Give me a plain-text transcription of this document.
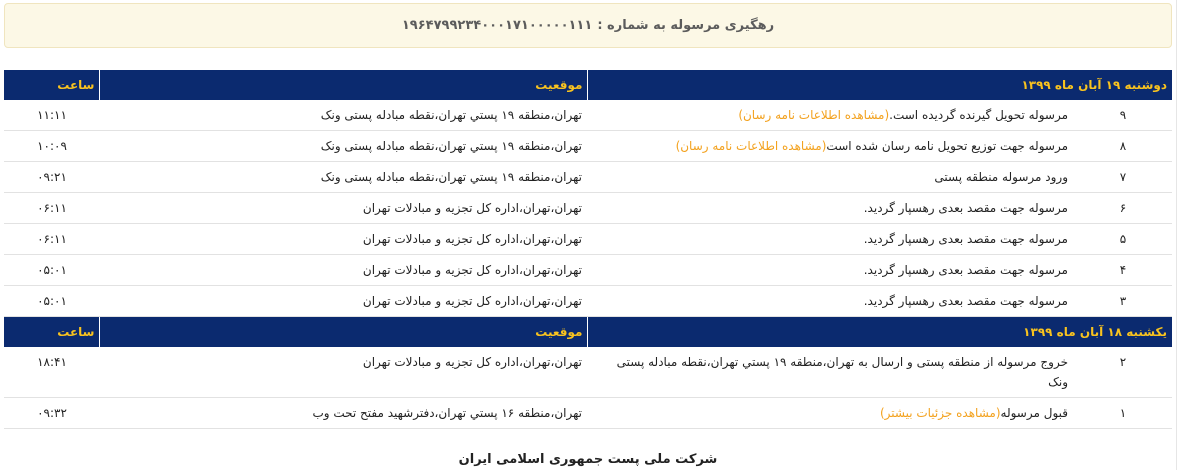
رهگیری مرسوله به شماره :۱۹۶۴۷۹۹۲۳۴۰۰۰۱۷۱۰۰۰۰۰۱۱۱
دوشنبه ۱۹ آبان ماه ۱۳۹۹		موقعیت	ساعت
۹	مرسوله تحویل گیرنده گردیده است.(مشاهده اطلاعات نامه رسان)	تهران،منطقه ۱۹ پستي تهران،نقطه مبادله پستی ونک	۱۱:۱۱
۸	مرسوله جهت توزیع تحویل نامه رسان شده است(مشاهده اطلاعات نامه رسان)	تهران،منطقه ۱۹ پستي تهران،نقطه مبادله پستی ونک	۱۰:۰۹
۷	ورود مرسوله منطقه پستی	تهران،منطقه ۱۹ پستي تهران،نقطه مبادله پستی ونک	۰۹:۲۱
۶	مرسوله جهت مقصد بعدی رهسپار گردید.	تهران،تهران،اداره کل تجزیه و مبادلات تهران	۰۶:۱۱
۵	مرسوله جهت مقصد بعدی رهسپار گردید.	تهران،تهران،اداره کل تجزیه و مبادلات تهران	۰۶:۱۱
۴	مرسوله جهت مقصد بعدی رهسپار گردید.	تهران،تهران،اداره کل تجزیه و مبادلات تهران	۰۵:۰۱
۳	مرسوله جهت مقصد بعدی رهسپار گردید.	تهران،تهران،اداره کل تجزیه و مبادلات تهران	۰۵:۰۱
یکشنبه ۱۸ آبان ماه ۱۳۹۹		موقعیت	ساعت
۲	خروج مرسوله از منطقه پستی و ارسال به تهران،منطقه ۱۹ پستي تهران،نقطه مبادله پستی ونک	تهران،تهران،اداره کل تجزیه و مبادلات تهران	۱۸:۴۱
۱	قبول مرسوله(مشاهده جزئیات بیشتر)	تهران،منطقه ۱۶ پستي تهران،دفترشهيد مفتح تحت وب	۰۹:۳۲
شرکت ملی پست جمهوری اسلامی ایران
